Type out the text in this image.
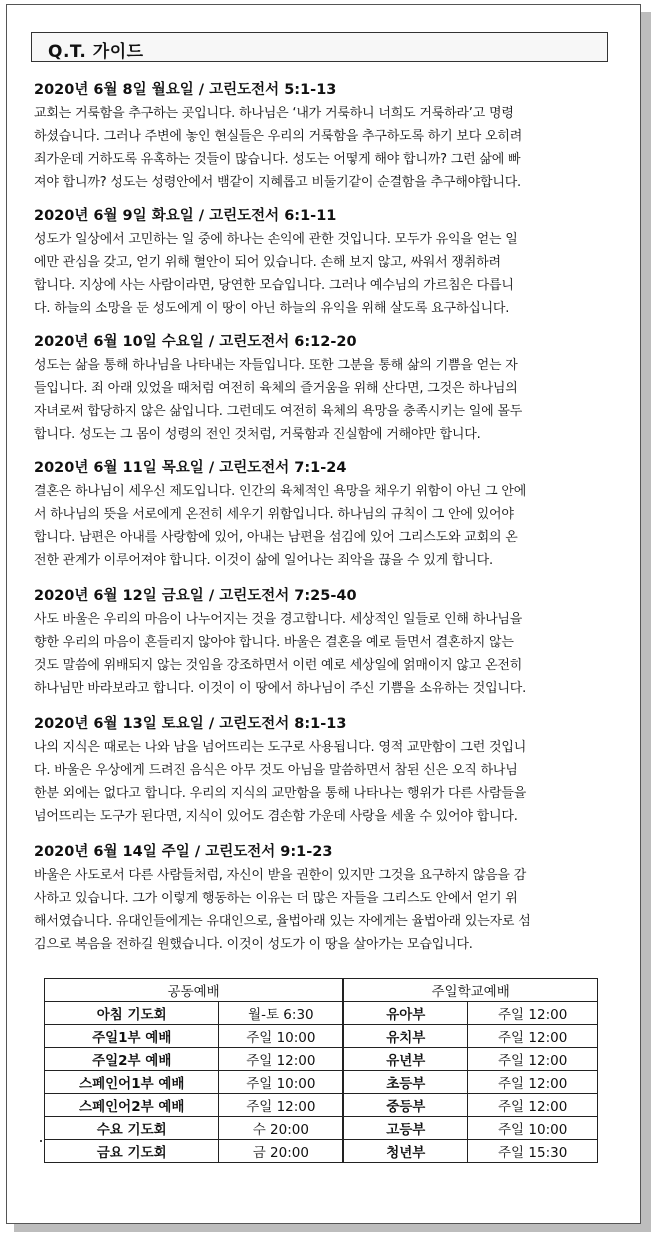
Q.T. 가이드
2020년 6월 8일 월요일 / 고린도전서 5:1-13
교회는 거룩함을 추구하는 곳입니다. 하나님은 ‘내가 거룩하니 너희도 거룩하라’고 명령
하셨습니다. 그러나 주변에 놓인 현실들은 우리의 거룩함을 추구하도록 하기 보다 오히려
죄가운데 거하도록 유혹하는 것들이 많습니다. 성도는 어떻게 해야 합니까? 그런 삶에 빠
져야 합니까? 성도는 성령안에서 뱀같이 지혜롭고 비둘기같이 순결함을 추구해야합니다.
2020년 6월 9일 화요일 / 고린도전서 6:1-11
성도가 일상에서 고민하는 일 중에 하나는 손익에 관한 것입니다. 모두가 유익을 얻는 일
에만 관심을 갖고, 얻기 위해 혈안이 되어 있습니다. 손해 보지 않고, 싸워서 쟁취하려
합니다. 지상에 사는 사람이라면, 당연한 모습입니다. 그러나 예수님의 가르침은 다릅니
다. 하늘의 소망을 둔 성도에게 이 땅이 아닌 하늘의 유익을 위해 살도록 요구하십니다.
2020년 6월 10일 수요일 / 고린도전서 6:12-20
성도는 삶을 통해 하나님을 나타내는 자들입니다. 또한 그분을 통해 삶의 기쁨을 얻는 자
들입니다. 죄 아래 있었을 때처럼 여전히 육체의 즐거움을 위해 산다면, 그것은 하나님의
자녀로써 합당하지 않은 삶입니다. 그런데도 여전히 육체의 욕망을 충족시키는 일에 몰두
합니다. 성도는 그 몸이 성령의 전인 것처럼, 거룩함과 진실함에 거해야만 합니다.
2020년 6월 11일 목요일 / 고린도전서 7:1-24
결혼은 하나님이 세우신 제도입니다. 인간의 육체적인 욕망을 채우기 위함이 아닌 그 안에
서 하나님의 뜻을 서로에게 온전히 세우기 위함입니다. 하나님의 규칙이 그 안에 있어야
합니다. 남편은 아내를 사랑함에 있어, 아내는 남편을 섬김에 있어 그리스도와 교회의 온
전한 관계가 이루어져야 합니다. 이것이 삶에 일어나는 죄악을 끊을 수 있게 합니다.
2020년 6월 12일 금요일 / 고린도전서 7:25-40
사도 바울은 우리의 마음이 나누어지는 것을 경고합니다. 세상적인 일들로 인해 하나님을
향한 우리의 마음이 흔들리지 않아야 합니다. 바울은 결혼을 예로 들면서 결혼하지 않는
것도 말씀에 위배되지 않는 것임을 강조하면서 이런 예로 세상일에 얽매이지 않고 온전히
하나님만 바라보라고 합니다. 이것이 이 땅에서 하나님이 주신 기쁨을 소유하는 것입니다.
2020년 6월 13일 토요일 / 고린도전서 8:1-13
나의 지식은 때로는 나와 남을 넘어뜨리는 도구로 사용됩니다. 영적 교만함이 그런 것입니
다. 바울은 우상에게 드려진 음식은 아무 것도 아님을 말씀하면서 참된 신은 오직 하나님
한분 외에는 없다고 합니다. 우리의 지식의 교만함을 통해 나타나는 행위가 다른 사람들을
넘어뜨리는 도구가 된다면, 지식이 있어도 겸손함 가운데 사랑을 세울 수 있어야 합니다.
2020년 6월 14일 주일 / 고린도전서 9:1-23
바울은 사도로서 다른 사람들처럼, 자신이 받을 권한이 있지만 그것을 요구하지 않음을 감
사하고 있습니다. 그가 이렇게 행동하는 이유는 더 많은 자들을 그리스도 안에서 얻기 위
해서였습니다. 유대인들에게는 유대인으로, 율법아래 있는 자에게는 율법아래 있는자로 섬
김으로 복음을 전하길 원했습니다. 이것이 성도가 이 땅을 살아가는 모습입니다.
공동예배		주일학교예배	
아침 기도회	월-토 6:30	유아부	주일 12:00
주일1부 예배	주일 10:00	유치부	주일 12:00
주일2부 예배	주일 12:00	유년부	주일 12:00
스페인어1부 예배	주일 10:00	초등부	주일 12:00
스페인어2부 예배	주일 12:00	중등부	주일 12:00
수요 기도회	수 20:00	고등부	주일 10:00
금요 기도회	금 20:00	청년부	주일 15:30
